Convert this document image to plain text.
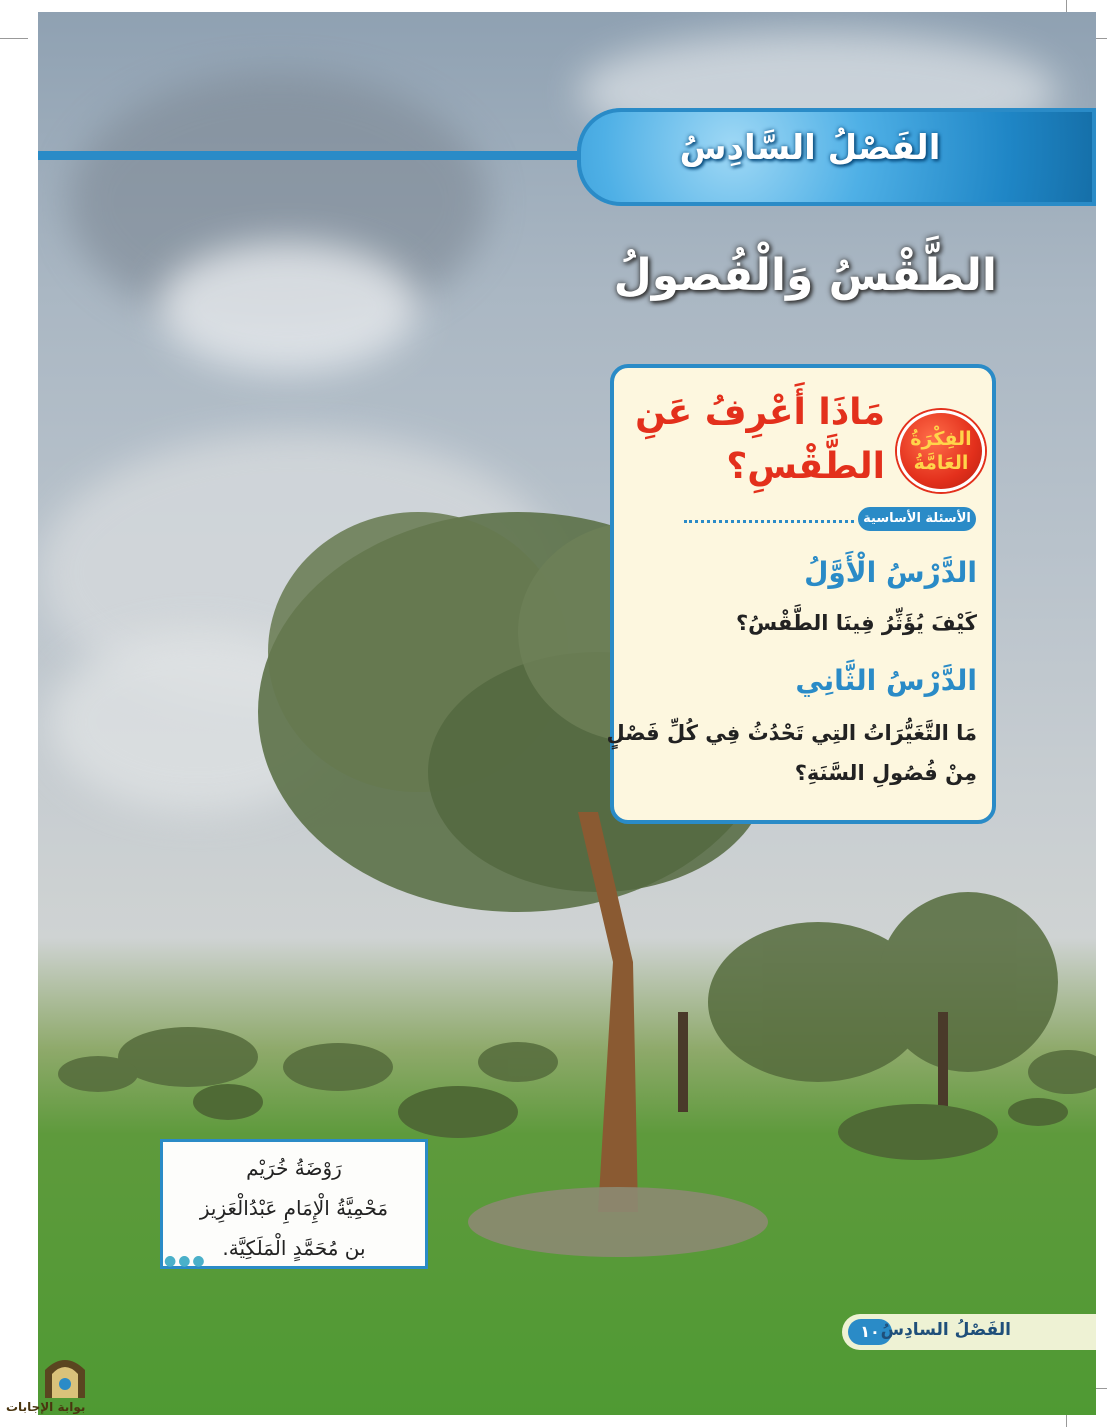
الفَصْلُ السَّادِسُ
الطَّقْسُ وَالْفُصولُ
الفِكْرَةُ
العَامَّةُ
مَاذَا أَعْرِفُ عَنِ
الطَّقْسِ؟
الأسئلة الأساسية
الدَّرْسُ الْأَوَّلُ
كَيْفَ يُؤَثِّرُ فِينَا الطَّقْسُ؟
الدَّرْسُ الثَّانِي
مَا التَّغَيُّرَاتُ التِي تَحْدُثُ فِي كُلِّ فَصْلٍ
مِنْ فُصُولِ السَّنَةِ؟
رَوْضَةُ خُرَيْم
مَحْمِيَّةُ الْإِمَامِ عَبْدُالْعَزِيز
بن مُحَمَّدٍ الْمَلَكِيَّة.
●●●
١٠ الفَصْلُ السادِسُ
بوابة الإجابات
